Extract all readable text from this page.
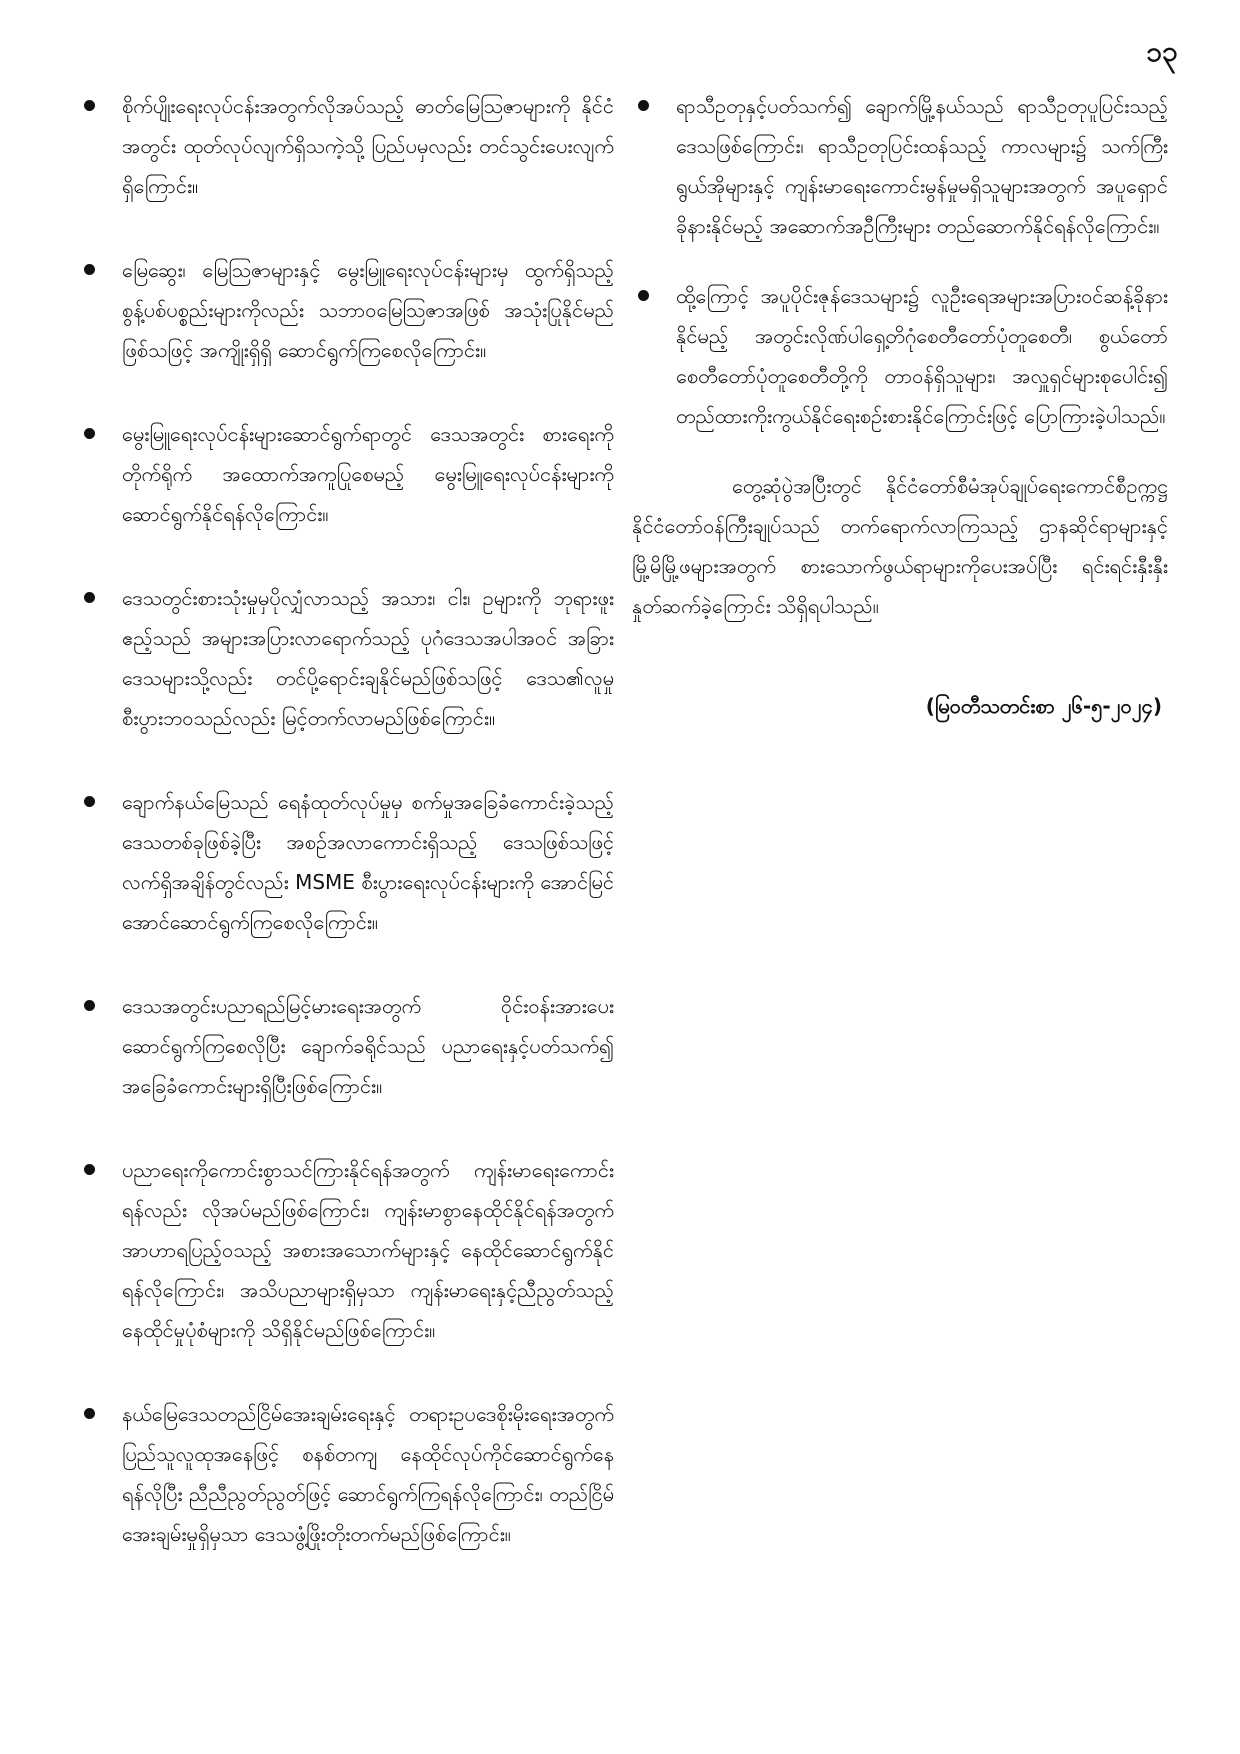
၁၃
စိုက်ပျိုးရေးလုပ်ငန်းအတွက်လိုအပ်သည့် ဓာတ်မြေသြဇာများကို နိုင်ငံအတွင်း ထုတ်လုပ်လျက်ရှိသကဲ့သို့ ပြည်ပမှလည်း တင်သွင်းပေးလျက်ရှိကြောင်း။
မြေဆွေး၊ မြေသြဇာများနှင့် မွေးမြူရေးလုပ်ငန်းများမှ ထွက်ရှိသည့် စွန့်ပစ်ပစ္စည်းများကိုလည်း သဘာဝမြေသြဇာအဖြစ် အသုံးပြုနိုင်မည်ဖြစ်သဖြင့် အကျိုးရှိရှိ ဆောင်ရွက်ကြစေလိုကြောင်း။
မွေးမြူရေးလုပ်ငန်းများဆောင်ရွက်ရာတွင် ဒေသအတွင်း စားရေးကိုတိုက်ရိုက် အထောက်အကူပြုစေမည့် မွေးမြူရေးလုပ်ငန်းများကိုဆောင်ရွက်နိုင်ရန်လိုကြောင်း။
ဒေသတွင်းစားသုံးမှုမှပိုလျှံလာသည့် အသား၊ ငါး၊ ဥများကို ဘုရားဖူးဧည့်သည် အများအပြားလာရောက်သည့် ပုဂံဒေသအပါအဝင် အခြားဒေသများသို့လည်း တင်ပို့ရောင်းချနိုင်မည်ဖြစ်သဖြင့် ဒေသ၏လူမှုစီးပွားဘဝသည်လည်း မြင့်တက်လာမည်ဖြစ်ကြောင်း။
ချောက်နယ်မြေသည် ရေနံထုတ်လုပ်မှုမှ စက်မှုအခြေခံကောင်းခဲ့သည့် ဒေသတစ်ခုဖြစ်ခဲ့ပြီး အစဉ်အလာကောင်းရှိသည့် ဒေသဖြစ်သဖြင့် လက်ရှိအချိန်တွင်လည်း MSME စီးပွားရေးလုပ်ငန်းများကို အောင်မြင်အောင်ဆောင်ရွက်ကြစေလိုကြောင်း။
ဒေသအတွင်းပညာရည်မြင့်မားရေးအတွက် ဝိုင်းဝန်းအားပေးဆောင်ရွက်ကြစေလိုပြီး ချောက်ခရိုင်သည် ပညာရေးနှင့်ပတ်သက်၍ အခြေခံကောင်းများရှိပြီးဖြစ်ကြောင်း။
ပညာရေးကိုကောင်းစွာသင်ကြားနိုင်ရန်အတွက် ကျန်းမာရေးကောင်းရန်လည်း လိုအပ်မည်ဖြစ်ကြောင်း၊ ကျန်းမာစွာနေထိုင်နိုင်ရန်အတွက် အာဟာရပြည့်ဝသည့် အစားအသောက်များနှင့် နေထိုင်ဆောင်ရွက်နိုင်ရန်လိုကြောင်း၊ အသိပညာများရှိမှသာ ကျန်းမာရေးနှင့်ညီညွတ်သည့် နေထိုင်မှုပုံစံများကို သိရှိနိုင်မည်ဖြစ်ကြောင်း။
နယ်မြေဒေသတည်ငြိမ်အေးချမ်းရေးနှင့် တရားဥပဒေစိုးမိုးရေးအတွက် ပြည်သူလူထုအနေဖြင့် စနစ်တကျ နေထိုင်လုပ်ကိုင်ဆောင်ရွက်နေရန်လိုပြီး ညီညီညွတ်ညွတ်ဖြင့် ဆောင်ရွက်ကြရန်လိုကြောင်း၊ တည်ငြိမ်အေးချမ်းမှုရှိမှသာ ဒေသဖွံ့ဖြိုးတိုးတက်မည်ဖြစ်ကြောင်း။
ရာသီဥတုနှင့်ပတ်သက်၍ ချောက်မြို့နယ်သည် ရာသီဥတုပူပြင်းသည့် ဒေသဖြစ်ကြောင်း၊ ရာသီဥတုပြင်းထန်သည့် ကာလများ၌ သက်ကြီးရွယ်အိုများနှင့် ကျန်းမာရေးကောင်းမွန်မှုမရှိသူများအတွက် အပူရှောင်ခိုနားနိုင်မည့် အဆောက်အဦကြီးများ တည်ဆောက်နိုင်ရန်လိုကြောင်း။
ထို့ကြောင့် အပူပိုင်းဇုန်ဒေသများ၌ လူဦးရေအများအပြားဝင်ဆန့်ခိုနားနိုင်မည့် အတွင်းလိုဏ်ပါရှေ့တိဂုံစေတီတော်ပုံတူစေတီ၊ စွယ်တော်စေတီတော်ပုံတူစေတီတို့ကို တာဝန်ရှိသူများ၊ အလှူရှင်များစုပေါင်း၍ တည်ထားကိုးကွယ်နိုင်ရေးစဉ်းစားနိုင်ကြောင်းဖြင့် ပြောကြားခဲ့ပါသည်။

တွေ့ဆုံပွဲအပြီးတွင် နိုင်ငံတော်စီမံအုပ်ချုပ်ရေးကောင်စီဥက္ကဋ္ဌ နိုင်ငံတော်ဝန်ကြီးချုပ်သည် တက်ရောက်လာကြသည့် ဌာနဆိုင်ရာများနှင့် မြို့မိမြို့ဖများအတွက် စားသောက်ဖွယ်ရာများကိုပေးအပ်ပြီး ရင်းရင်းနှီးနှီးနှုတ်ဆက်ခဲ့ကြောင်း သိရှိရပါသည်။

(မြဝတီသတင်းစာ ၂၆-၅-၂၀၂၄)
